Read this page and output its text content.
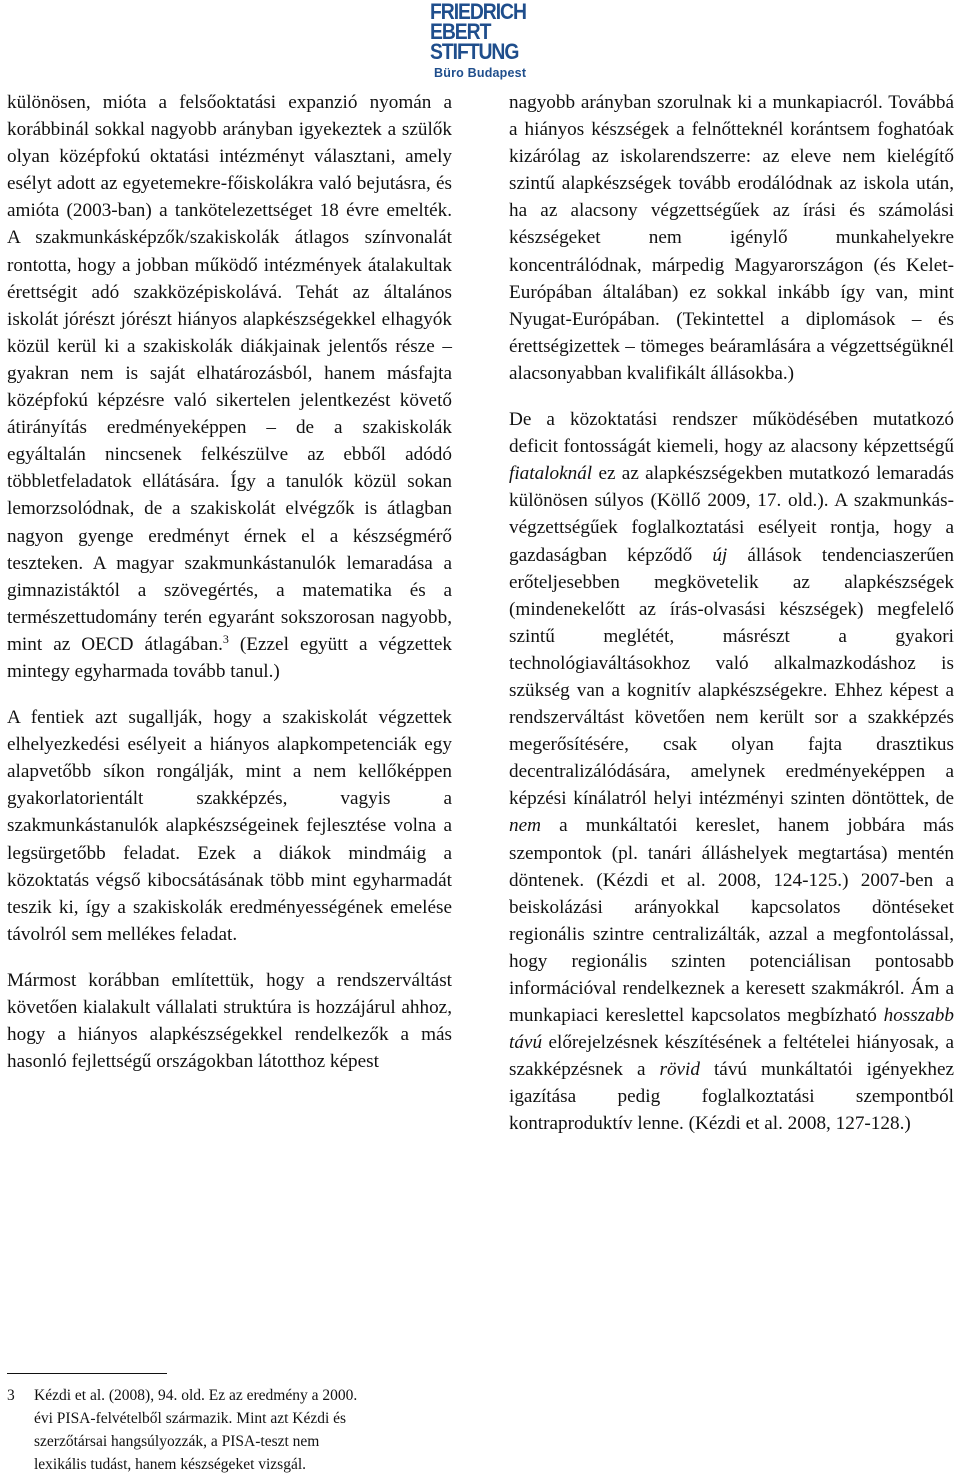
FRIEDRICH
EBERT
STIFTUNG
Büro Budapest

különösen, mióta a felsőoktatási expanzió nyomán a korábbinál sokkal nagyobb arányban igyekeztek a szülők olyan középfokú oktatási intézményt választani, amely esélyt adott az egyetemekre-főiskolákra való bejutásra, és amióta (2003-ban) a tankötelezettséget 18 évre emelték. A szakmunkásképzők/szakiskolák átlagos színvonalát rontotta, hogy a jobban működő intézmények átalakultak érettségit adó szakközépiskolává. Tehát az általános iskolát jórészt jórészt hiányos alapkészségekkel elhagyók közül kerül ki a szakiskolák diákjainak jelentős része – gyakran nem is saját elhatározásból, hanem másfajta középfokú képzésre való sikertelen jelentkezést követő átirányítás eredményeképpen – de a szakiskolák egyáltalán nincsenek felkészülve az ebből adódó többletfeladatok ellátására. Így a tanulók közül sokan lemorzsolódnak, de a szakiskolát elvégzők is átlagban nagyon gyenge eredményt érnek el a készségmérő teszteken. A magyar szakmunkástanulók lemaradása a gimnazistáktól a szövegértés, a matematika és a természettudomány terén egyaránt sokszorosan nagyobb, mint az OECD átlagában.$^3$ (Ezzel együtt a végzettek mintegy egyharmada tovább tanul.)

A fentiek azt sugallják, hogy a szakiskolát végzettek elhelyezkedési esélyeit a hiányos alapkompetenciák egy alapvetőbb síkon rongálják, mint a nem kellőképpen gyakorlatorientált szakképzés, vagyis a szakmunkástanulók alapkészségeinek fejlesztése volna a legsürgetőbb feladat. Ezek a diákok mindmáig a közoktatás végső kibocsátásának több mint egyharmadát teszik ki, így a szakiskolák eredményességének emelése távolról sem mellékes feladat.

Mármost korábban említettük, hogy a rendszerváltást követően kialakult vállalati struktúra is hozzájárul ahhoz, hogy a hiányos alapkészségekkel rendelkezők a más hasonló fejlettségű országokban látotthoz képest

nagyobb arányban szorulnak ki a munkapiacról. Továbbá a hiányos készségek a felnőtteknél korántsem foghatóak kizárólag az iskolarendszerre: az eleve nem kielégítő szintű alapkészségek tovább erodálódnak az iskola után, ha az alacsony végzettségűek az írási és számolási készségeket nem igénylő munkahelyekre koncentrálódnak, márpedig Magyarországon (és Kelet-Európában általában) ez sokkal inkább így van, mint Nyugat-Európában. (Tekintettel a diplomások – és érettségizettek – tömeges beáramlására a végzettségüknél alacsonyabban kvalifikált állásokba.)

De a közoktatási rendszer működésében mutatkozó deficit fontosságát kiemeli, hogy az alacsony képzettségű fiataloknál ez az alapkészségekben mutatkozó lemaradás különösen súlyos (Köllő 2009, 17. old.). A szakmunkás-végzettségűek foglalkoztatási esélyeit rontja, hogy a gazdaságban képződő új állások tendenciaszerűen erőteljesebben megkövetelik az alapkészségek (mindenekelőtt az írás-olvasási készségek) megfelelő szintű meglétét, másrészt a gyakori technológiaváltásokhoz való alkalmazkodáshoz is szükség van a kognitív alapkészségekre. Ehhez képest a rendszerváltást követően nem került sor a szakképzés megerősítésére, csak olyan fajta drasztikus decentralizálódására, amelynek eredményeképpen a képzési kínálatról helyi intézményi szinten döntöttek, de nem a munkáltatói kereslet, hanem jobbára más szempontok (pl. tanári álláshelyek megtartása) mentén döntenek. (Kézdi et al. 2008, 124-125.) 2007-ben a beiskolázási arányokkal kapcsolatos döntéseket regionális szintre centralizálták, azzal a megfontolással, hogy regionális szinten potenciálisan pontosabb információval rendelkeznek a keresett szakmákról. Ám a munkapiaci kereslettel kapcsolatos megbízható hosszabb távú előrejelzésnek készítésének a feltételei hiányosak, a szakképzésnek a rövid távú munkáltatói igényekhez igazítása pedig foglalkoztatási szempontból kontraproduktív lenne. (Kézdi et al. 2008, 127-128.)

3 Kézdi et al. (2008), 94. old. Ez az eredmény a 2000.
évi PISA-felvételből származik. Mint azt Kézdi és
szerzőtársai hangsúlyozzák, a PISA-teszt nem
lexikális tudást, hanem készségeket vizsgál.
